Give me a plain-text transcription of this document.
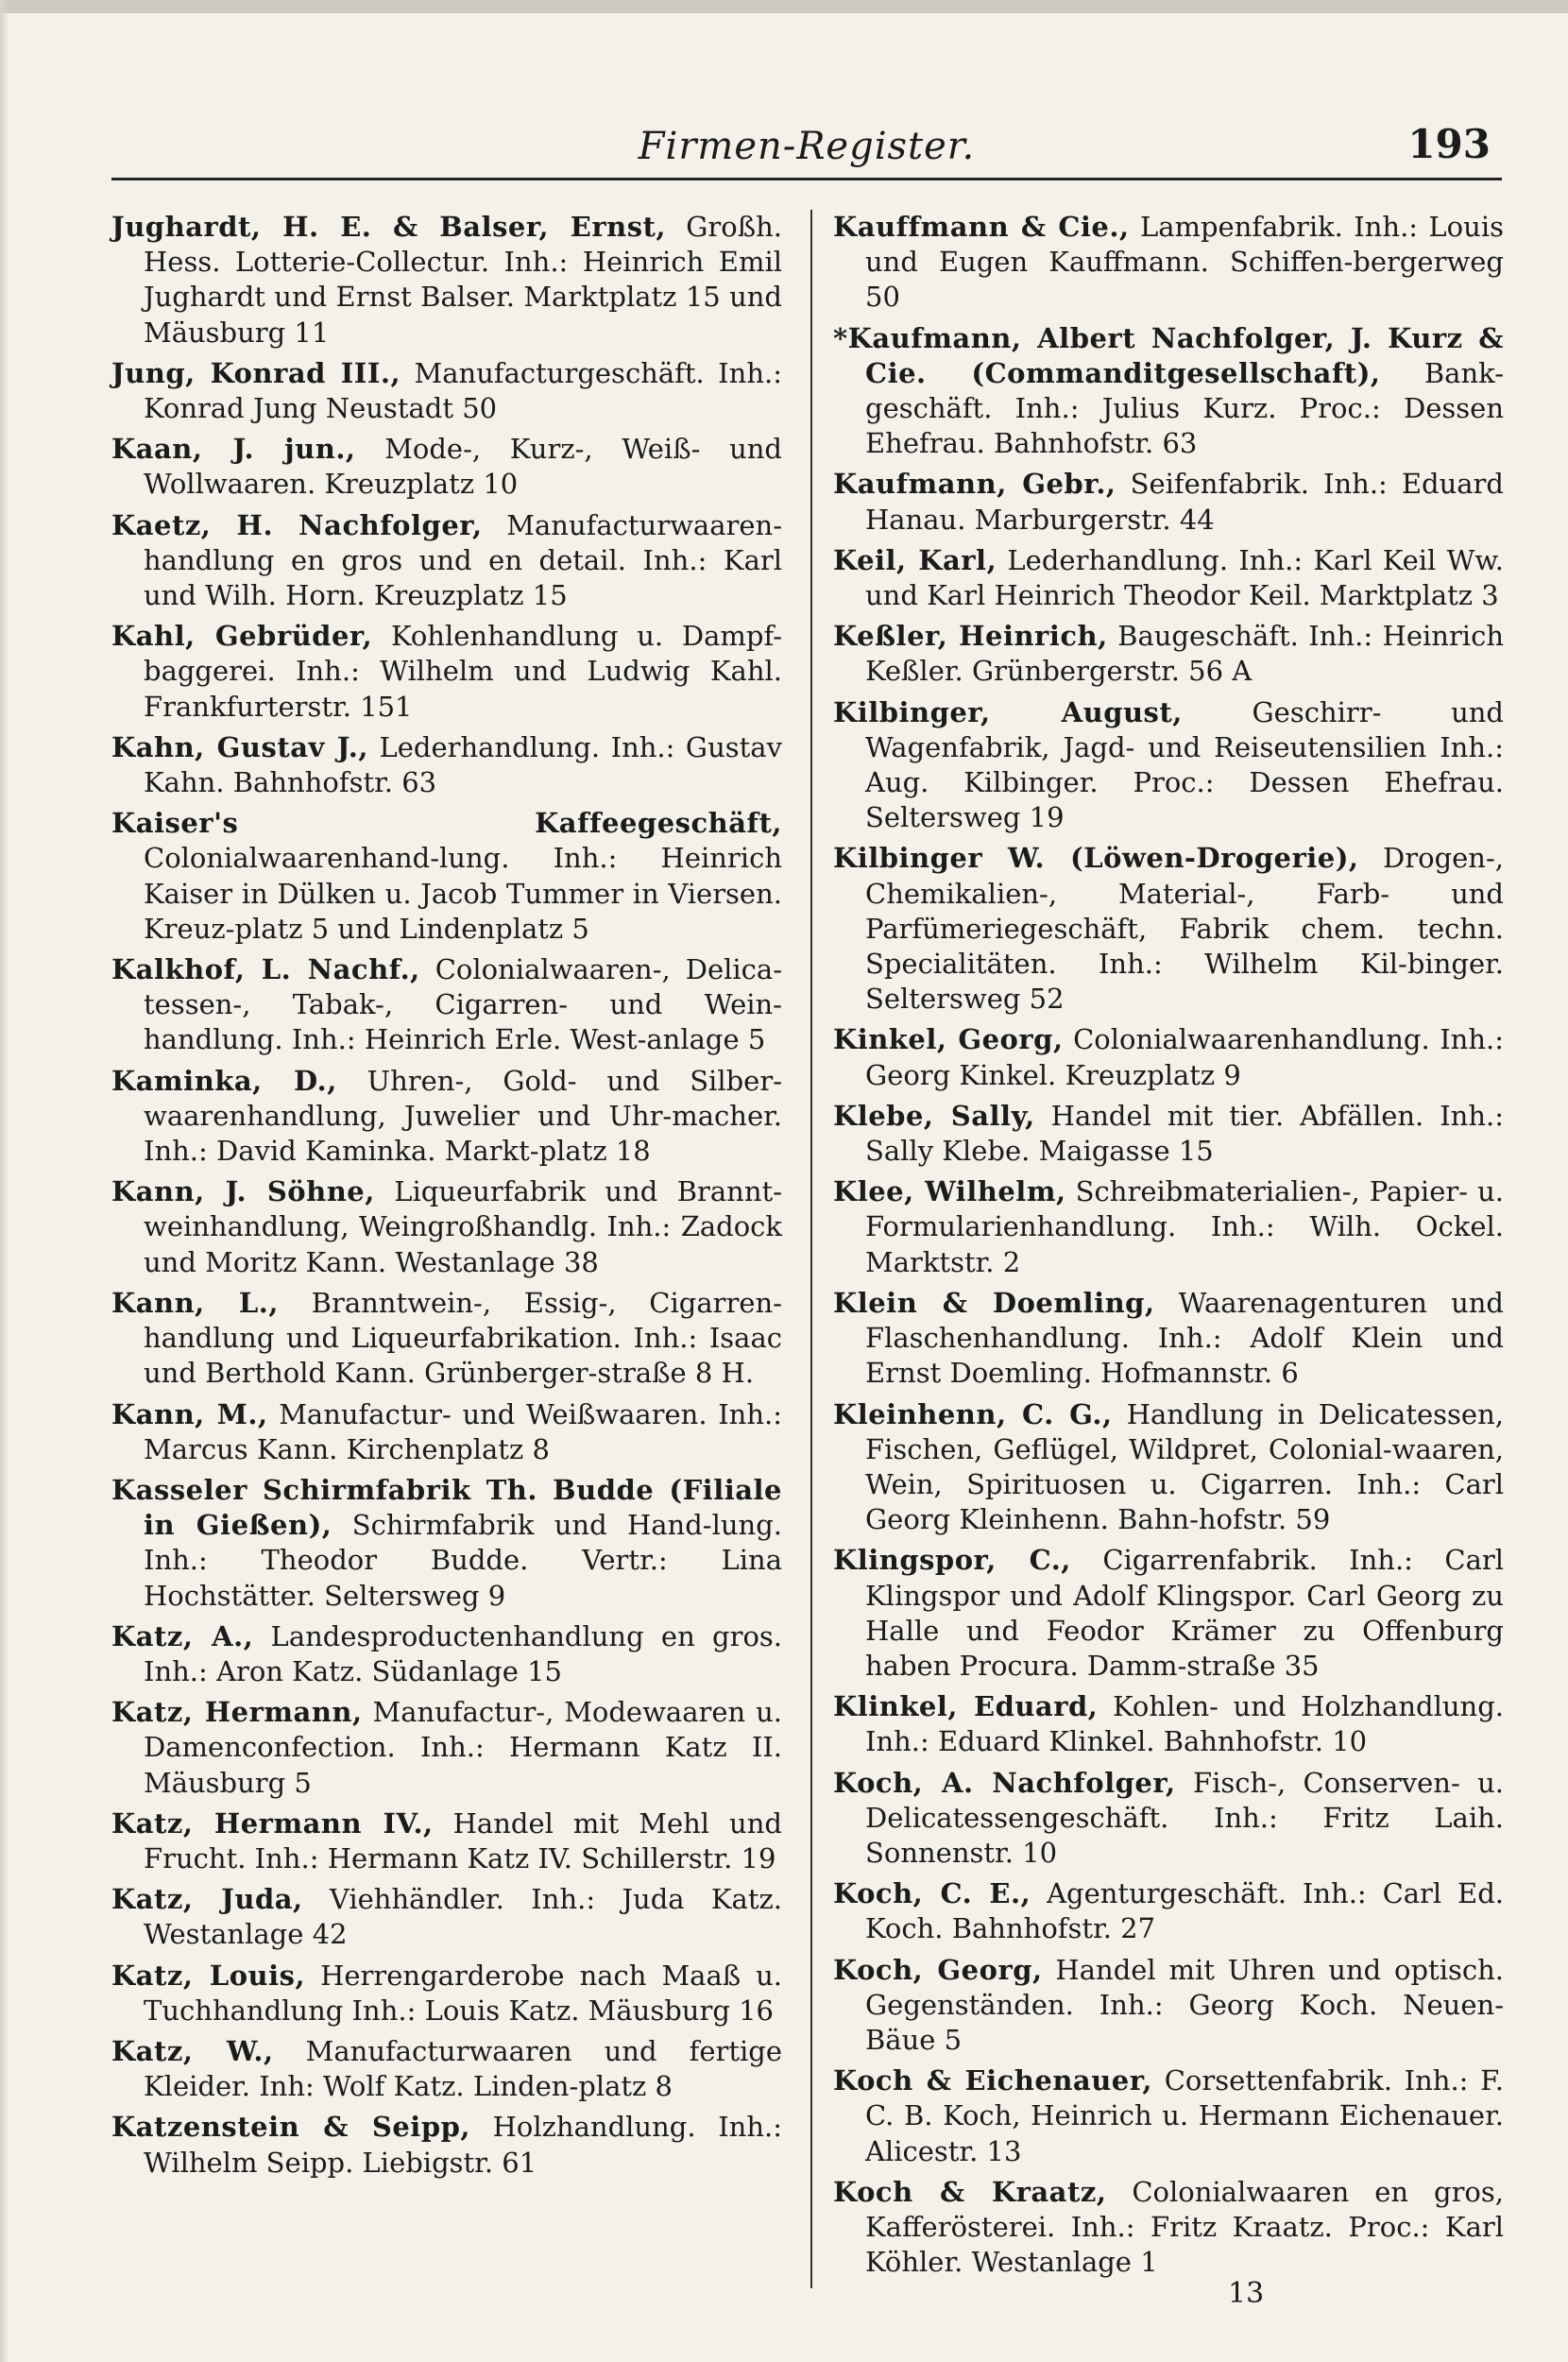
Firmen-Register.	193

Jughardt, H. E. & Balser, Ernst, Großh. Hess. Lotterie-Collectur. Inh.: Heinrich Emil Jughardt und Ernst Balser. Marktplatz 15 und Mäusburg 11

Jung, Konrad III., Manufacturgeschäft. Inh.: Konrad Jung Neustadt 50

Kaan, J. jun., Mode-, Kurz-, Weiß- und Wollwaaren. Kreuzplatz 10

Kaetz, H. Nachfolger, Manufacturwaaren-handlung en gros und en detail. Inh.: Karl und Wilh. Horn. Kreuzplatz 15

Kahl, Gebrüder, Kohlenhandlung u. Dampf-baggerei. Inh.: Wilhelm und Ludwig Kahl. Frankfurterstr. 151

Kahn, Gustav J., Lederhandlung. Inh.: Gustav Kahn. Bahnhofstr. 63

Kaiser's Kaffeegeschäft, Colonialwaarenhand-lung. Inh.: Heinrich Kaiser in Dülken u. Jacob Tummer in Viersen. Kreuz-platz 5 und Lindenplatz 5

Kalkhof, L. Nachf., Colonialwaaren-, Delica-tessen-, Tabak-, Cigarren- und Wein-handlung. Inh.: Heinrich Erle. West-anlage 5

Kaminka, D., Uhren-, Gold- und Silber-waarenhandlung, Juwelier und Uhr-macher. Inh.: David Kaminka. Markt-platz 18

Kann, J. Söhne, Liqueurfabrik und Brannt-weinhandlung, Weingroßhandlg. Inh.: Zadock und Moritz Kann. Westanlage 38

Kann, L., Branntwein-, Essig-, Cigarren-handlung und Liqueurfabrikation. Inh.: Isaac und Berthold Kann. Grünberger-straße 8 H.

Kann, M., Manufactur- und Weißwaaren. Inh.: Marcus Kann. Kirchenplatz 8

Kasseler Schirmfabrik Th. Budde (Filiale in Gießen), Schirmfabrik und Hand-lung. Inh.: Theodor Budde. Vertr.: Lina Hochstätter. Seltersweg 9

Katz, A., Landesproductenhandlung en gros. Inh.: Aron Katz. Südanlage 15

Katz, Hermann, Manufactur-, Modewaaren u. Damenconfection. Inh.: Hermann Katz II. Mäusburg 5

Katz, Hermann IV., Handel mit Mehl und Frucht. Inh.: Hermann Katz IV. Schillerstr. 19

Katz, Juda, Viehhändler. Inh.: Juda Katz. Westanlage 42

Katz, Louis, Herrengarderobe nach Maaß u. Tuchhandlung Inh.: Louis Katz. Mäusburg 16

Katz, W., Manufacturwaaren und fertige Kleider. Inh: Wolf Katz. Linden-platz 8

Katzenstein & Seipp, Holzhandlung. Inh.: Wilhelm Seipp. Liebigstr. 61

Kauffmann & Cie., Lampenfabrik. Inh.: Louis und Eugen Kauffmann. Schiffen-bergerweg 50

*Kaufmann, Albert Nachfolger, J. Kurz & Cie. (Commanditgesellschaft), Bank-geschäft. Inh.: Julius Kurz. Proc.: Dessen Ehefrau. Bahnhofstr. 63

Kaufmann, Gebr., Seifenfabrik. Inh.: Eduard Hanau. Marburgerstr. 44

Keil, Karl, Lederhandlung. Inh.: Karl Keil Ww. und Karl Heinrich Theodor Keil. Marktplatz 3

Keßler, Heinrich, Baugeschäft. Inh.: Heinrich Keßler. Grünbergerstr. 56 A

Kilbinger, August, Geschirr- und Wagenfabrik, Jagd- und Reiseutensilien Inh.: Aug. Kilbinger. Proc.: Dessen Ehefrau. Seltersweg 19

Kilbinger W. (Löwen-Drogerie), Drogen-, Chemikalien-, Material-, Farb- und Parfümeriegeschäft, Fabrik chem. techn. Specialitäten. Inh.: Wilhelm Kil-binger. Seltersweg 52

Kinkel, Georg, Colonialwaarenhandlung. Inh.: Georg Kinkel. Kreuzplatz 9

Klebe, Sally, Handel mit tier. Abfällen. Inh.: Sally Klebe. Maigasse 15

Klee, Wilhelm, Schreibmaterialien-, Papier- u. Formularienhandlung. Inh.: Wilh. Ockel. Marktstr. 2

Klein & Doemling, Waarenagenturen und Flaschenhandlung. Inh.: Adolf Klein und Ernst Doemling. Hofmannstr. 6

Kleinhenn, C. G., Handlung in Delicatessen, Fischen, Geflügel, Wildpret, Colonial-waaren, Wein, Spirituosen u. Cigarren. Inh.: Carl Georg Kleinhenn. Bahn-hofstr. 59

Klingspor, C., Cigarrenfabrik. Inh.: Carl Klingspor und Adolf Klingspor. Carl Georg zu Halle und Feodor Krämer zu Offenburg haben Procura. Damm-straße 35

Klinkel, Eduard, Kohlen- und Holzhandlung. Inh.: Eduard Klinkel. Bahnhofstr. 10

Koch, A. Nachfolger, Fisch-, Conserven- u. Delicatessengeschäft. Inh.: Fritz Laih. Sonnenstr. 10

Koch, C. E., Agenturgeschäft. Inh.: Carl Ed. Koch. Bahnhofstr. 27

Koch, Georg, Handel mit Uhren und optisch. Gegenständen. Inh.: Georg Koch. Neuen-Bäue 5

Koch & Eichenauer, Corsettenfabrik. Inh.: F. C. B. Koch, Heinrich u. Hermann Eichenauer. Alicestr. 13

Koch & Kraatz, Colonialwaaren en gros, Kafferösterei. Inh.: Fritz Kraatz. Proc.: Karl Köhler. Westanlage 1

13
